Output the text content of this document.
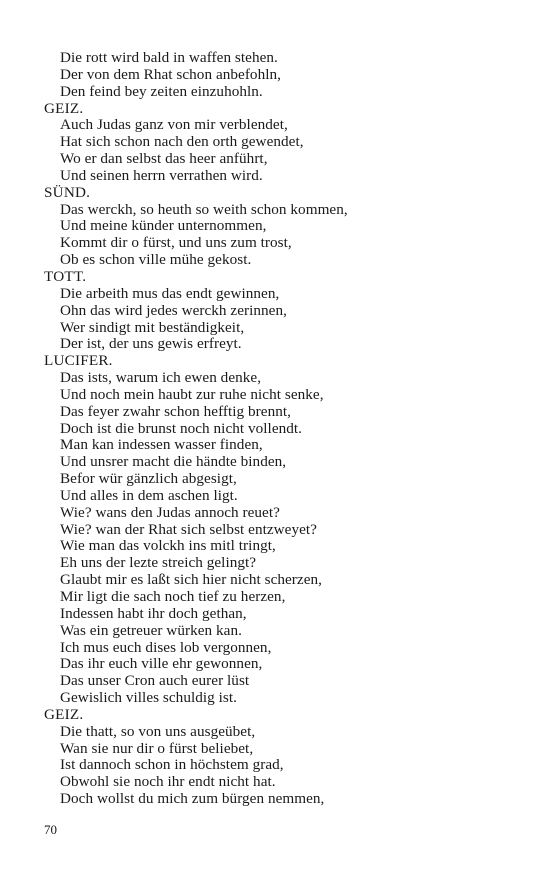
Die rott wird bald in waffen stehen.
Der von dem Rhat schon anbefohln,
Den feind bey zeiten einzuhohln.
GEIZ.
Auch Judas ganz von mir verblendet,
Hat sich schon nach den orth gewendet,
Wo er dan selbst das heer anführt,
Und seinen herrn verrathen wird.
SÜND.
Das werckh, so heuth so weith schon kommen,
Und meine künder unternommen,
Kommt dir o fürst, und uns zum trost,
Ob es schon ville mühe gekost.
TOTT.
Die arbeith mus das endt gewinnen,
Ohn das wird jedes werckh zerinnen,
Wer sindigt mit beständigkeit,
Der ist, der uns gewis erfreyt.
LUCIFER.
Das ists, warum ich ewen denke,
Und noch mein haubt zur ruhe nicht senke,
Das feyer zwahr schon hefftig brennt,
Doch ist die brunst noch nicht vollendt.
Man kan indessen wasser finden,
Und unsrer macht die händte binden,
Befor wür gänzlich abgesigt,
Und alles in dem aschen ligt.
Wie? wans den Judas annoch reuet?
Wie? wan der Rhat sich selbst entzweyet?
Wie man das volckh ins mitl tringt,
Eh uns der lezte streich gelingt?
Glaubt mir es laßt sich hier nicht scherzen,
Mir ligt die sach noch tief zu herzen,
Indessen habt ihr doch gethan,
Was ein getreuer würken kan.
Ich mus euch dises lob vergonnen,
Das ihr euch ville ehr gewonnen,
Das unser Cron auch eurer lüst
Gewislich villes schuldig ist.
GEIZ.
Die thatt, so von uns ausgeübet,
Wan sie nur dir o fürst beliebet,
Ist dannoch schon in höchstem grad,
Obwohl sie noch ihr endt nicht hat.
Doch wollst du mich zum bürgen nemmen,
70
